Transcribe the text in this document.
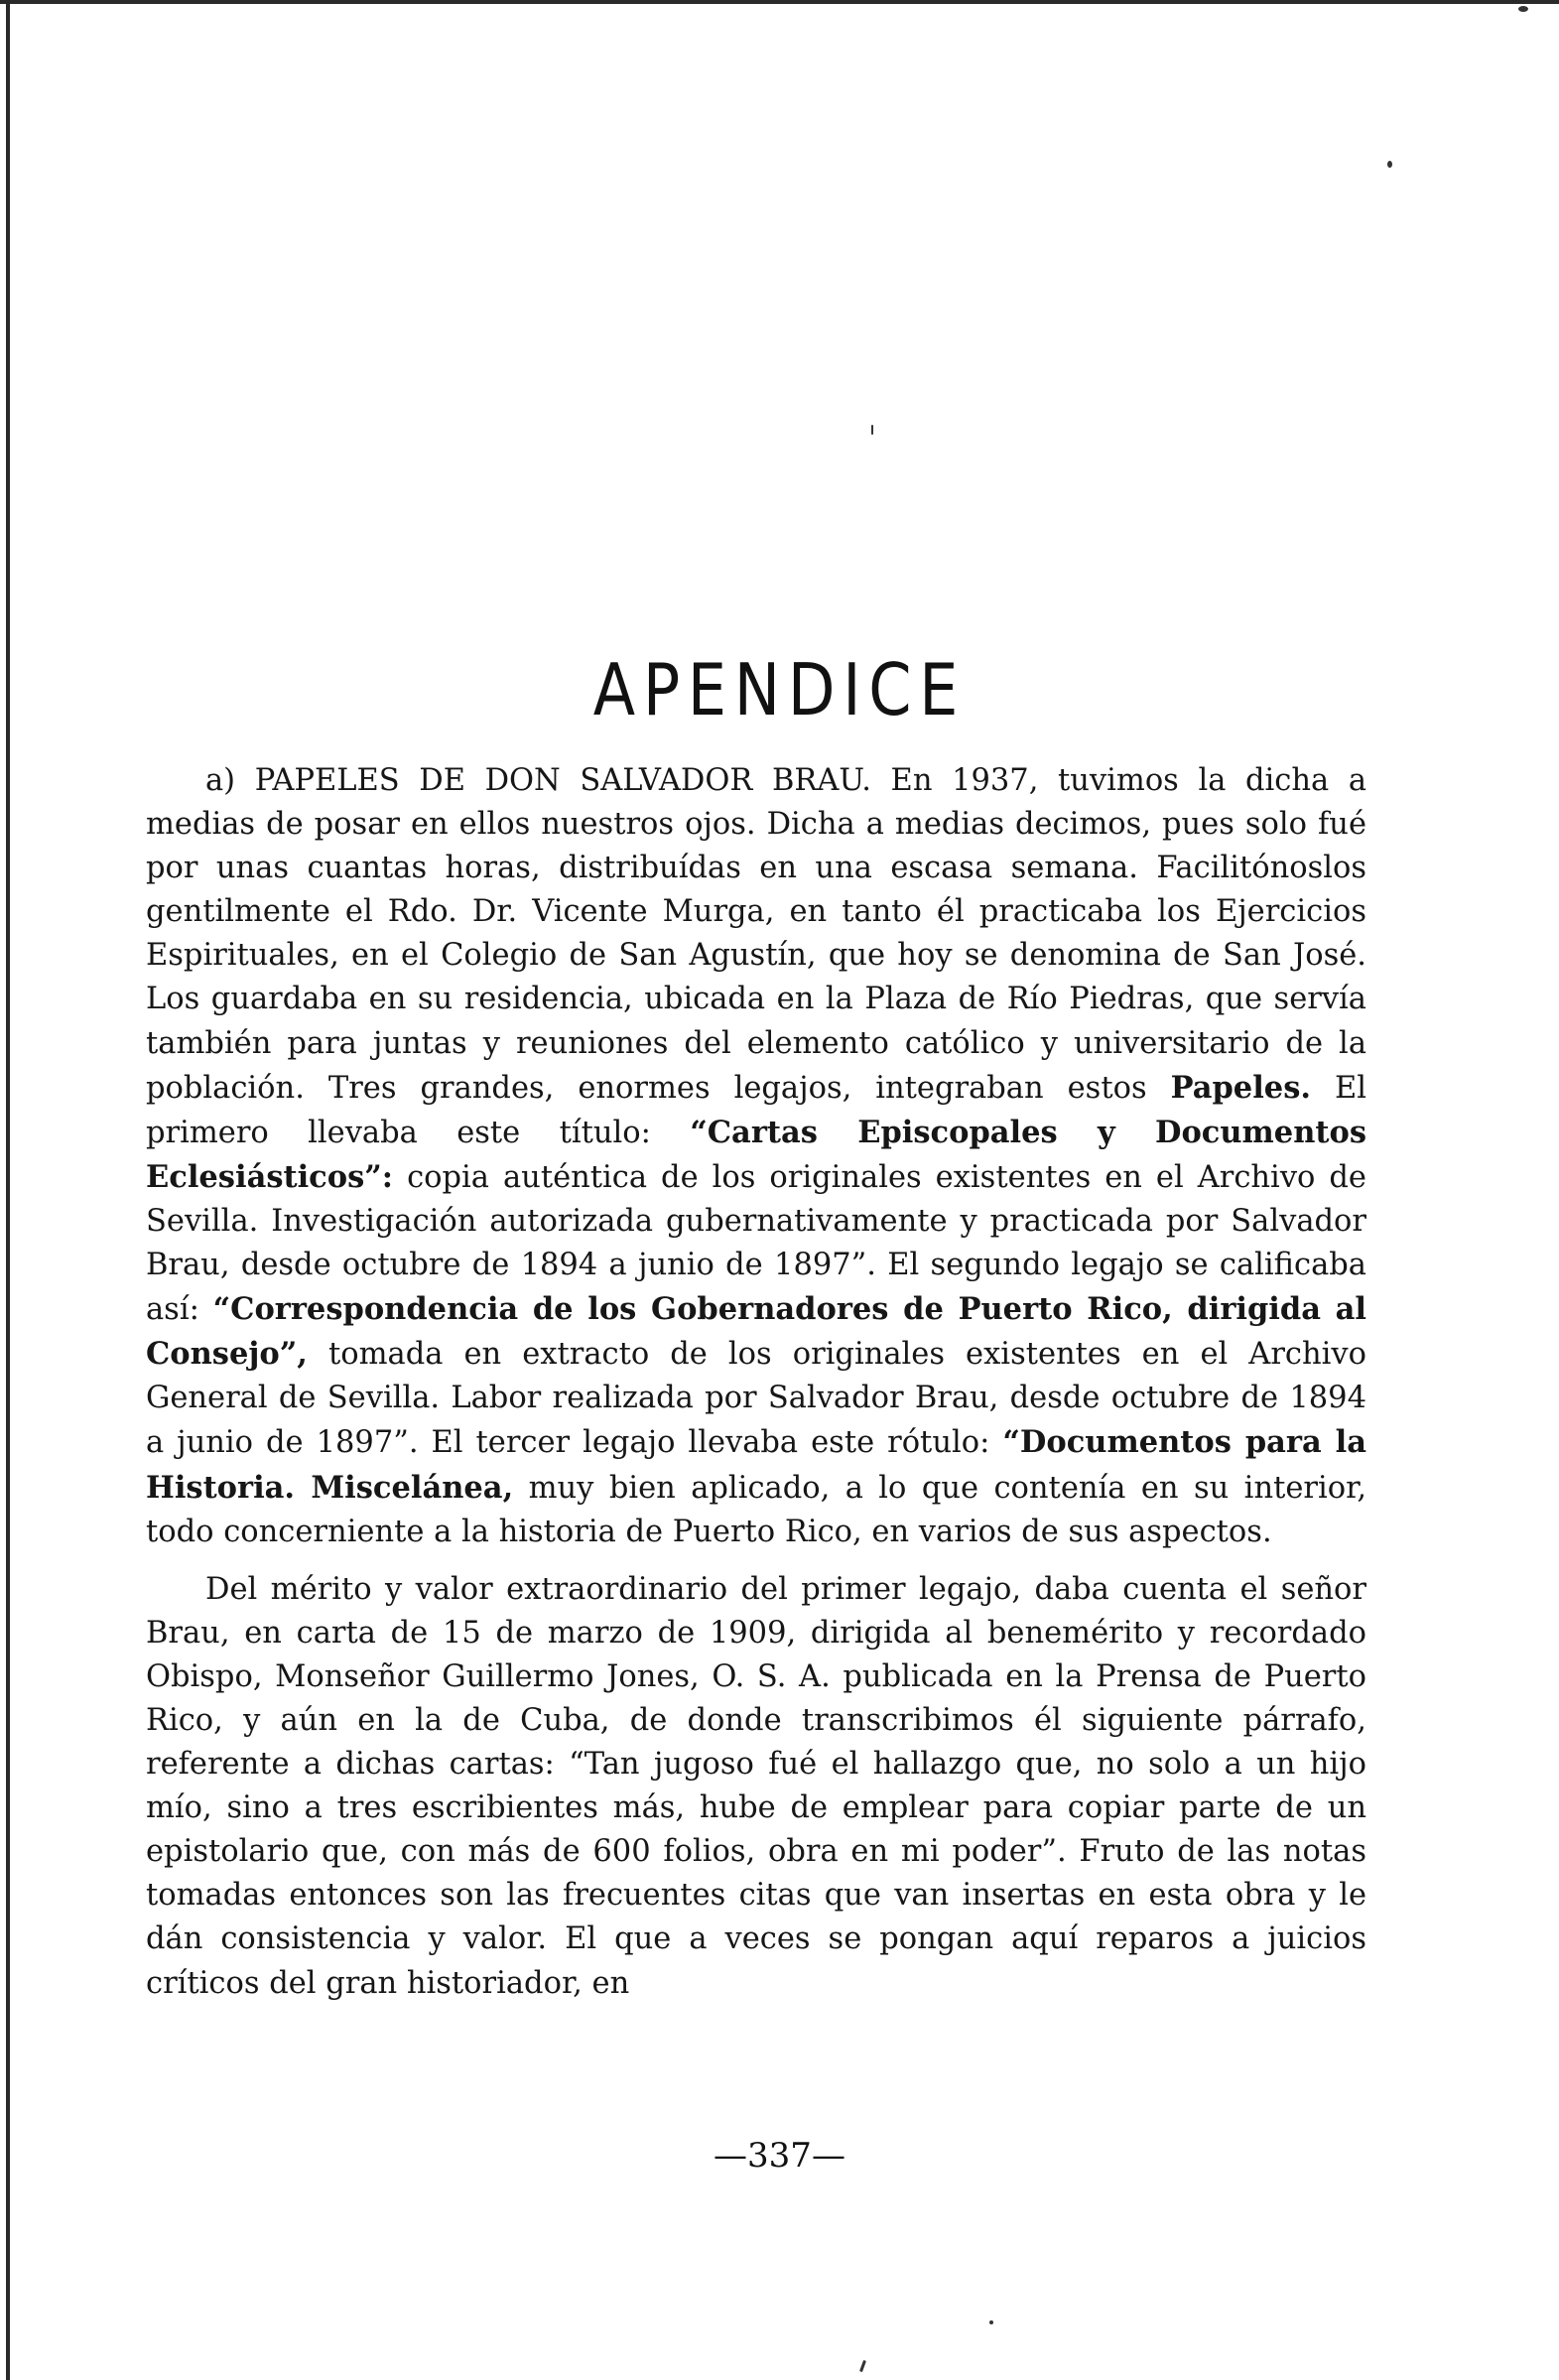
APENDICE

a) PAPELES DE DON SALVADOR BRAU. En 1937, tuvimos la dicha a medias de posar en ellos nuestros ojos. Dicha a medias decimos, pues solo fué por unas cuantas horas, distribuídas en una escasa semana. Facilitónoslos gentilmente el Rdo. Dr. Vicente Murga, en tanto él practicaba los Ejercicios Espirituales, en el Colegio de San Agustín, que hoy se denomina de San José. Los guardaba en su residencia, ubicada en la Plaza de Río Piedras, que servía también para juntas y reuniones del elemento católico y universitario de la población. Tres grandes, enormes legajos, integraban estos Papeles. El primero llevaba este título: “Cartas Episcopales y Documentos Eclesiásticos”: copia auténtica de los originales existentes en el Archivo de Sevilla. Investigación autorizada gubernativamente y practicada por Salvador Brau, desde octubre de 1894 a junio de 1897”. El segundo legajo se calificaba así: “Correspondencia de los Gobernadores de Puerto Rico, dirigida al Consejo”, tomada en extracto de los originales existentes en el Archivo General de Sevilla. Labor realizada por Salvador Brau, desde octubre de 1894 a junio de 1897”. El tercer legajo llevaba este rótulo: “Documentos para la Historia. Miscelánea, muy bien aplicado, a lo que contenía en su interior, todo concerniente a la historia de Puerto Rico, en varios de sus aspectos.

Del mérito y valor extraordinario del primer legajo, daba cuenta el señor Brau, en carta de 15 de marzo de 1909, dirigida al benemérito y recordado Obispo, Monseñor Guillermo Jones, O. S. A. publicada en la Prensa de Puerto Rico, y aún en la de Cuba, de donde transcribimos él siguiente párrafo, referente a dichas cartas: “Tan jugoso fué el hallazgo que, no solo a un hijo mío, sino a tres escribientes más, hube de emplear para copiar parte de un epistolario que, con más de 600 folios, obra en mi poder”. Fruto de las notas tomadas entonces son las frecuentes citas que van insertas en esta obra y le dán consistencia y valor. El que a veces se pongan aquí reparos a juicios críticos del gran historiador, en

—337—
